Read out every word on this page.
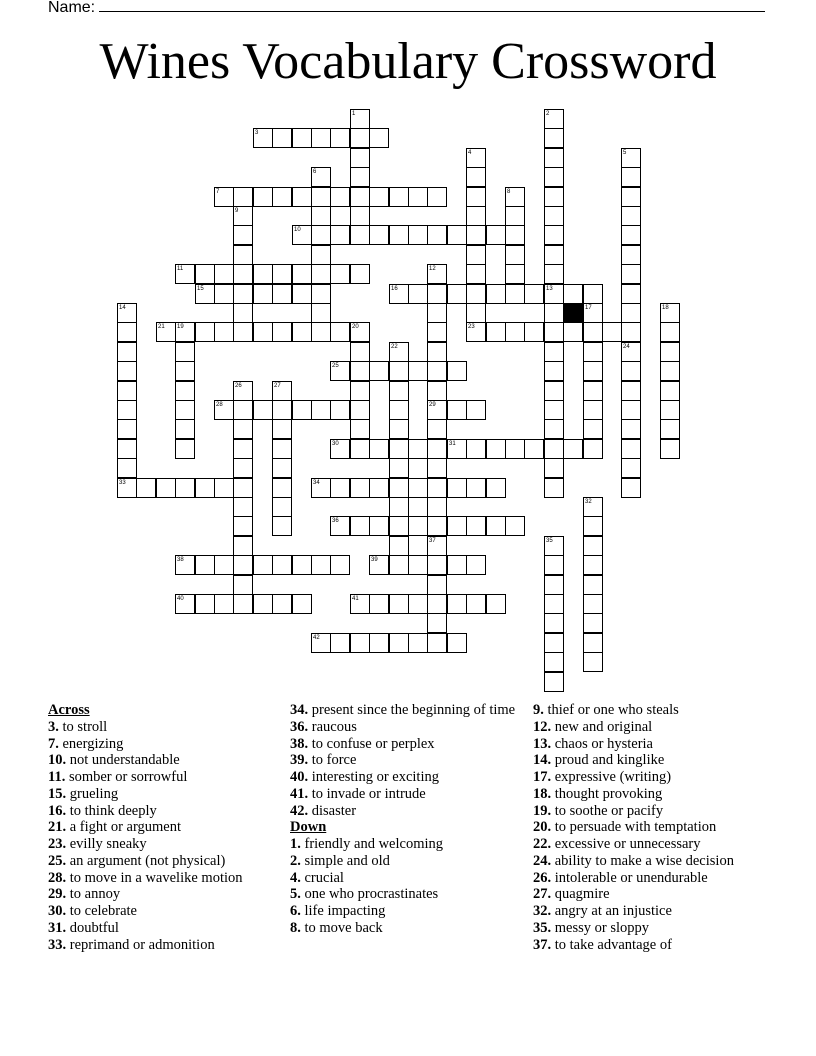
Name:
Wines Vocabulary Crossword
3
7
10
11
15	16
21	23
25
28	29
30	31
33	34
36
38	39
40	41
42
1	2
4	5
6
8
9
12
13
14	17	18
19	20
22	24
26	27
32
35
37
Across
3. to stroll
7. energizing
10. not understandable
11. somber or sorrowful
15. grueling
16. to think deeply
21. a fight or argument
23. evilly sneaky
25. an argument (not physical)
28. to move in a wavelike motion
29. to annoy
30. to celebrate
31. doubtful
33. reprimand or admonition
34. present since the beginning of time
36. raucous
38. to confuse or perplex
39. to force
40. interesting or exciting
41. to invade or intrude
42. disaster
Down
1. friendly and welcoming
2. simple and old
4. crucial
5. one who procrastinates
6. life impacting
8. to move back
9. thief or one who steals
12. new and original
13. chaos or hysteria
14. proud and kinglike
17. expressive (writing)
18. thought provoking
19. to soothe or pacify
20. to persuade with temptation
22. excessive or unnecessary
24. ability to make a wise decision
26. intolerable or unendurable
27. quagmire
32. angry at an injustice
35. messy or sloppy
37. to take advantage of
